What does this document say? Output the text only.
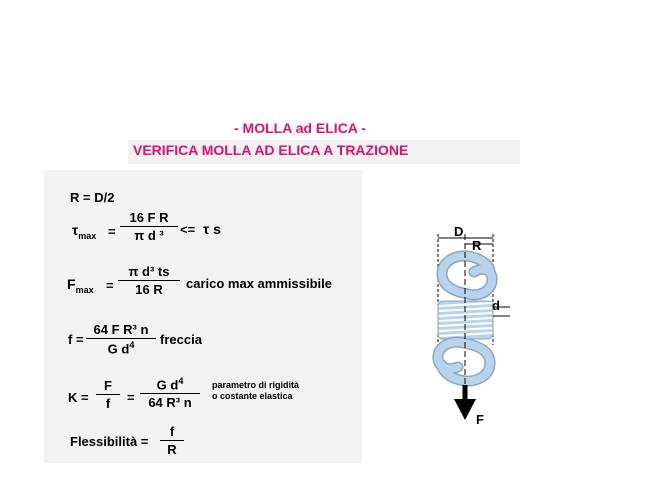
- MOLLA ad ELICA -
VERIFICA MOLLA AD ELICA A TRAZIONE
R = D/2
$\tau_{max}$ =
16 F R
π d ³	<= τ s
$F_{max}$ =
π d³ ts
16 R	carico max ammissibile
f =
64 F R³ n
G $d^4$	freccia
K =
F
f	=
G $d^4$
64 R³ n
parametro di rigidità
o costante elastica
Flessibilità =
f
R
D
R
d
F
